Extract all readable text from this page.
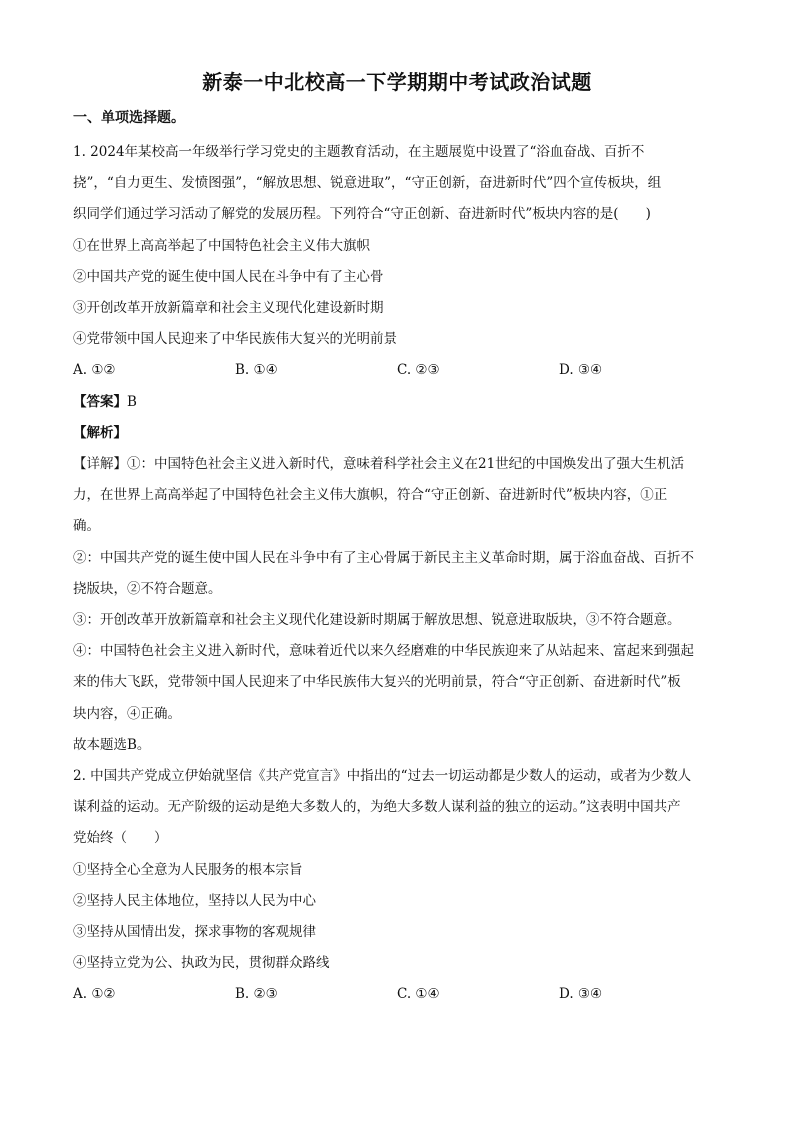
新泰一中北校高一下学期期中考试政治试题
一、单项选择题。
1. 2024年某校高一年级举行学习党史的主题教育活动，在主题展览中设置了“浴血奋战、百折不
挠”，“自力更生、发愤图强”，“解放思想、锐意进取”，“守正创新，奋进新时代”四个宣传板块，组
织同学们通过学习活动了解党的发展历程。下列符合“守正创新、奋进新时代”板块内容的是(　　)
①在世界上高高举起了中国特色社会主义伟大旗帜
②中国共产党的诞生使中国人民在斗争中有了主心骨
③开创改革开放新篇章和社会主义现代化建设新时期
④党带领中国人民迎来了中华民族伟大复兴的光明前景
A. ①②	B. ①④	C. ②③	D. ③④
【答案】B
【解析】
【详解】①：中国特色社会主义进入新时代，意味着科学社会主义在21世纪的中国焕发出了强大生机活
力，在世界上高高举起了中国特色社会主义伟大旗帜，符合“守正创新、奋进新时代”板块内容，①正
确。
②：中国共产党的诞生使中国人民在斗争中有了主心骨属于新民主主义革命时期，属于浴血奋战、百折不
挠版块，②不符合题意。
③：开创改革开放新篇章和社会主义现代化建设新时期属于解放思想、锐意进取版块，③不符合题意。
④：中国特色社会主义进入新时代，意味着近代以来久经磨难的中华民族迎来了从站起来、富起来到强起
来的伟大飞跃，党带领中国人民迎来了中华民族伟大复兴的光明前景，符合“守正创新、奋进新时代”板
块内容，④正确。
故本题选B。
2. 中国共产党成立伊始就坚信《共产党宣言》中指出的“过去一切运动都是少数人的运动，或者为少数人
谋利益的运动。无产阶级的运动是绝大多数人的，为绝大多数人谋利益的独立的运动。”这表明中国共产
党始终（　　）
①坚持全心全意为人民服务的根本宗旨
②坚持人民主体地位，坚持以人民为中心
③坚持从国情出发，探求事物的客观规律
④坚持立党为公、执政为民，贯彻群众路线
A. ①②	B. ②③	C. ①④	D. ③④
